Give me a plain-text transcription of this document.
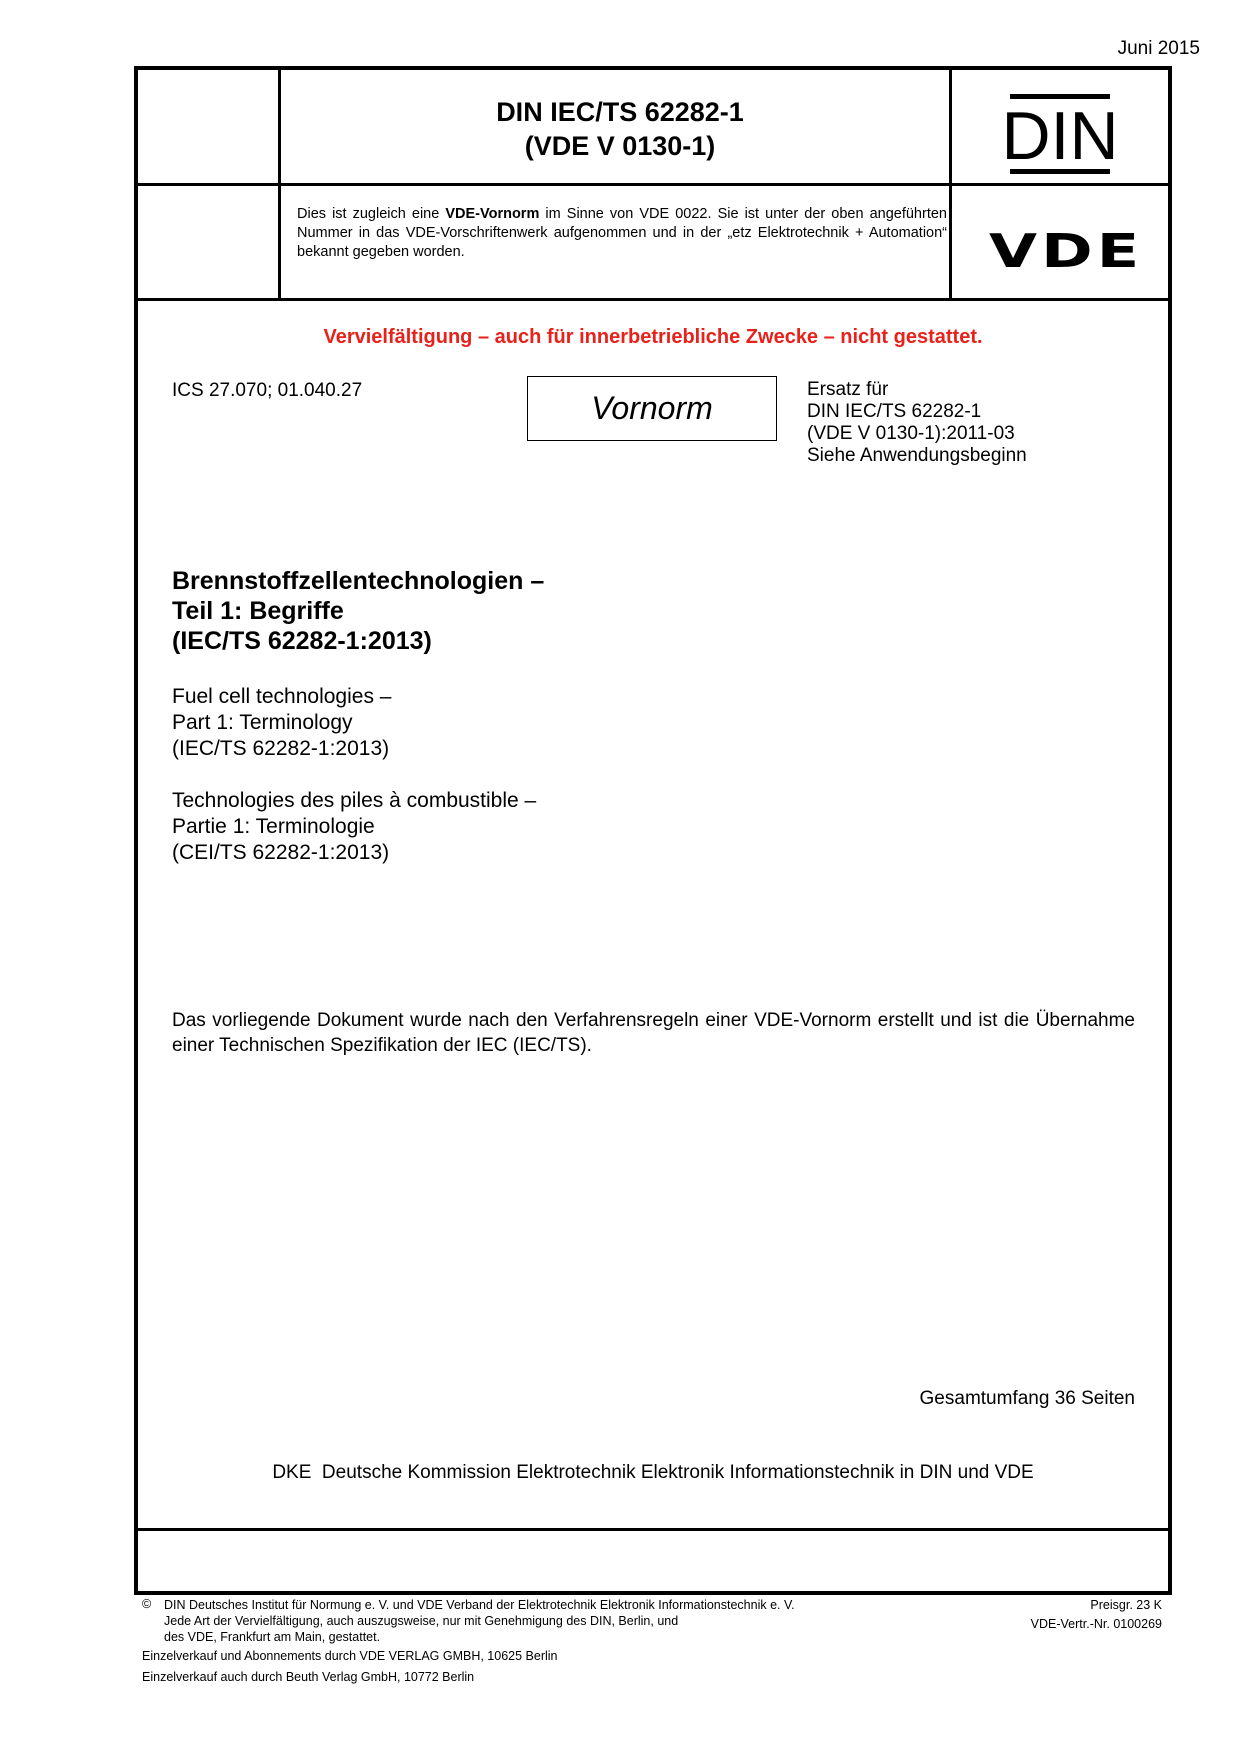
Juni 2015
DIN IEC/TS 62282-1
(VDE V 0130-1)	DIN
Dies ist zugleich eine VDE-Vornorm im Sinne von VDE 0022. Sie ist unter der oben angeführten Nummer in das VDE-Vorschriftenwerk aufgenommen und in der „etz Elektrotechnik + Automation“ bekannt gegeben worden.	VDE
Vervielfältigung – auch für innerbetriebliche Zwecke – nicht gestattet.
ICS 27.070; 01.040.27	Vornorm
Ersatz für
DIN IEC/TS 62282-1
(VDE V 0130-1):2011-03
Siehe Anwendungsbeginn
Brennstoffzellentechnologien –
Teil 1: Begriffe
(IEC/TS 62282-1:2013)
Fuel cell technologies –
Part 1: Terminology
(IEC/TS 62282-1:2013)
Technologies des piles à combustible –
Partie 1: Terminologie
(CEI/TS 62282-1:2013)
Das vorliegende Dokument wurde nach den Verfahrensregeln einer VDE-Vornorm erstellt und ist die Übernahme einer Technischen Spezifikation der IEC (IEC/TS).
Gesamtumfang 36 Seiten
DKE  Deutsche Kommission Elektrotechnik Elektronik Informationstechnik in DIN und VDE
© DIN Deutsches Institut für Normung e. V. und VDE Verband der Elektrotechnik Elektronik Informationstechnik e. V.
Jede Art der Vervielfältigung, auch auszugsweise, nur mit Genehmigung des DIN, Berlin, und
des VDE, Frankfurt am Main, gestattet.
Preisgr. 23 K
VDE-Vertr.-Nr. 0100269
Einzelverkauf und Abonnements durch VDE VERLAG GMBH, 10625 Berlin
Einzelverkauf auch durch Beuth Verlag GmbH, 10772 Berlin
